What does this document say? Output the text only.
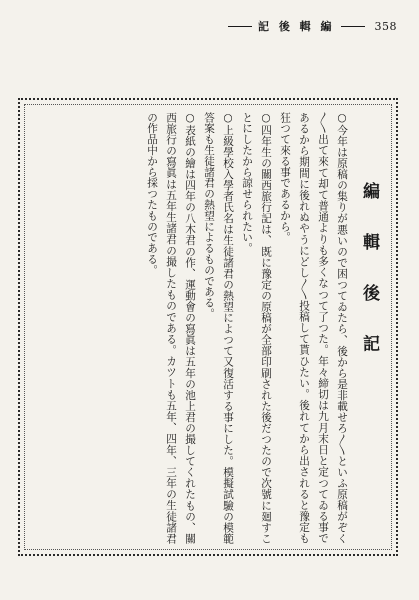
記 後 輯 編	358
編 輯 後 記

○今年は原稿の集りが悪いので困つてゐたら、後から是非載せろ〳〵といふ原稿がぞく〳〵出て來て却て普通よりも多くなつて了つた。年々締切は九月末日と定つてゐる事であるから期間に後れぬやうにどし〳〵投稿して貰ひたい。後れてから出されると豫定も狂つて來る事であるから。

○四年生の關西旅行記は、既に豫定の原稿が全部印刷された後だつたので次號に廻すことにしたから諒せられたい。

○上級學校入學者氏名は生徒諸君の熱望によつて又復活する事にした。模擬試驗の模範答案も生徒諸君の熱望によるものである。

○表紙の繪は四年の八木君の作、運動會の寫眞は五年の池上君の撮してくれたもの、關西旅行の寫眞は五年生諸君の撮したものである。カツトも五年、四年、三年の生徒諸君の作品中から採つたものである。
